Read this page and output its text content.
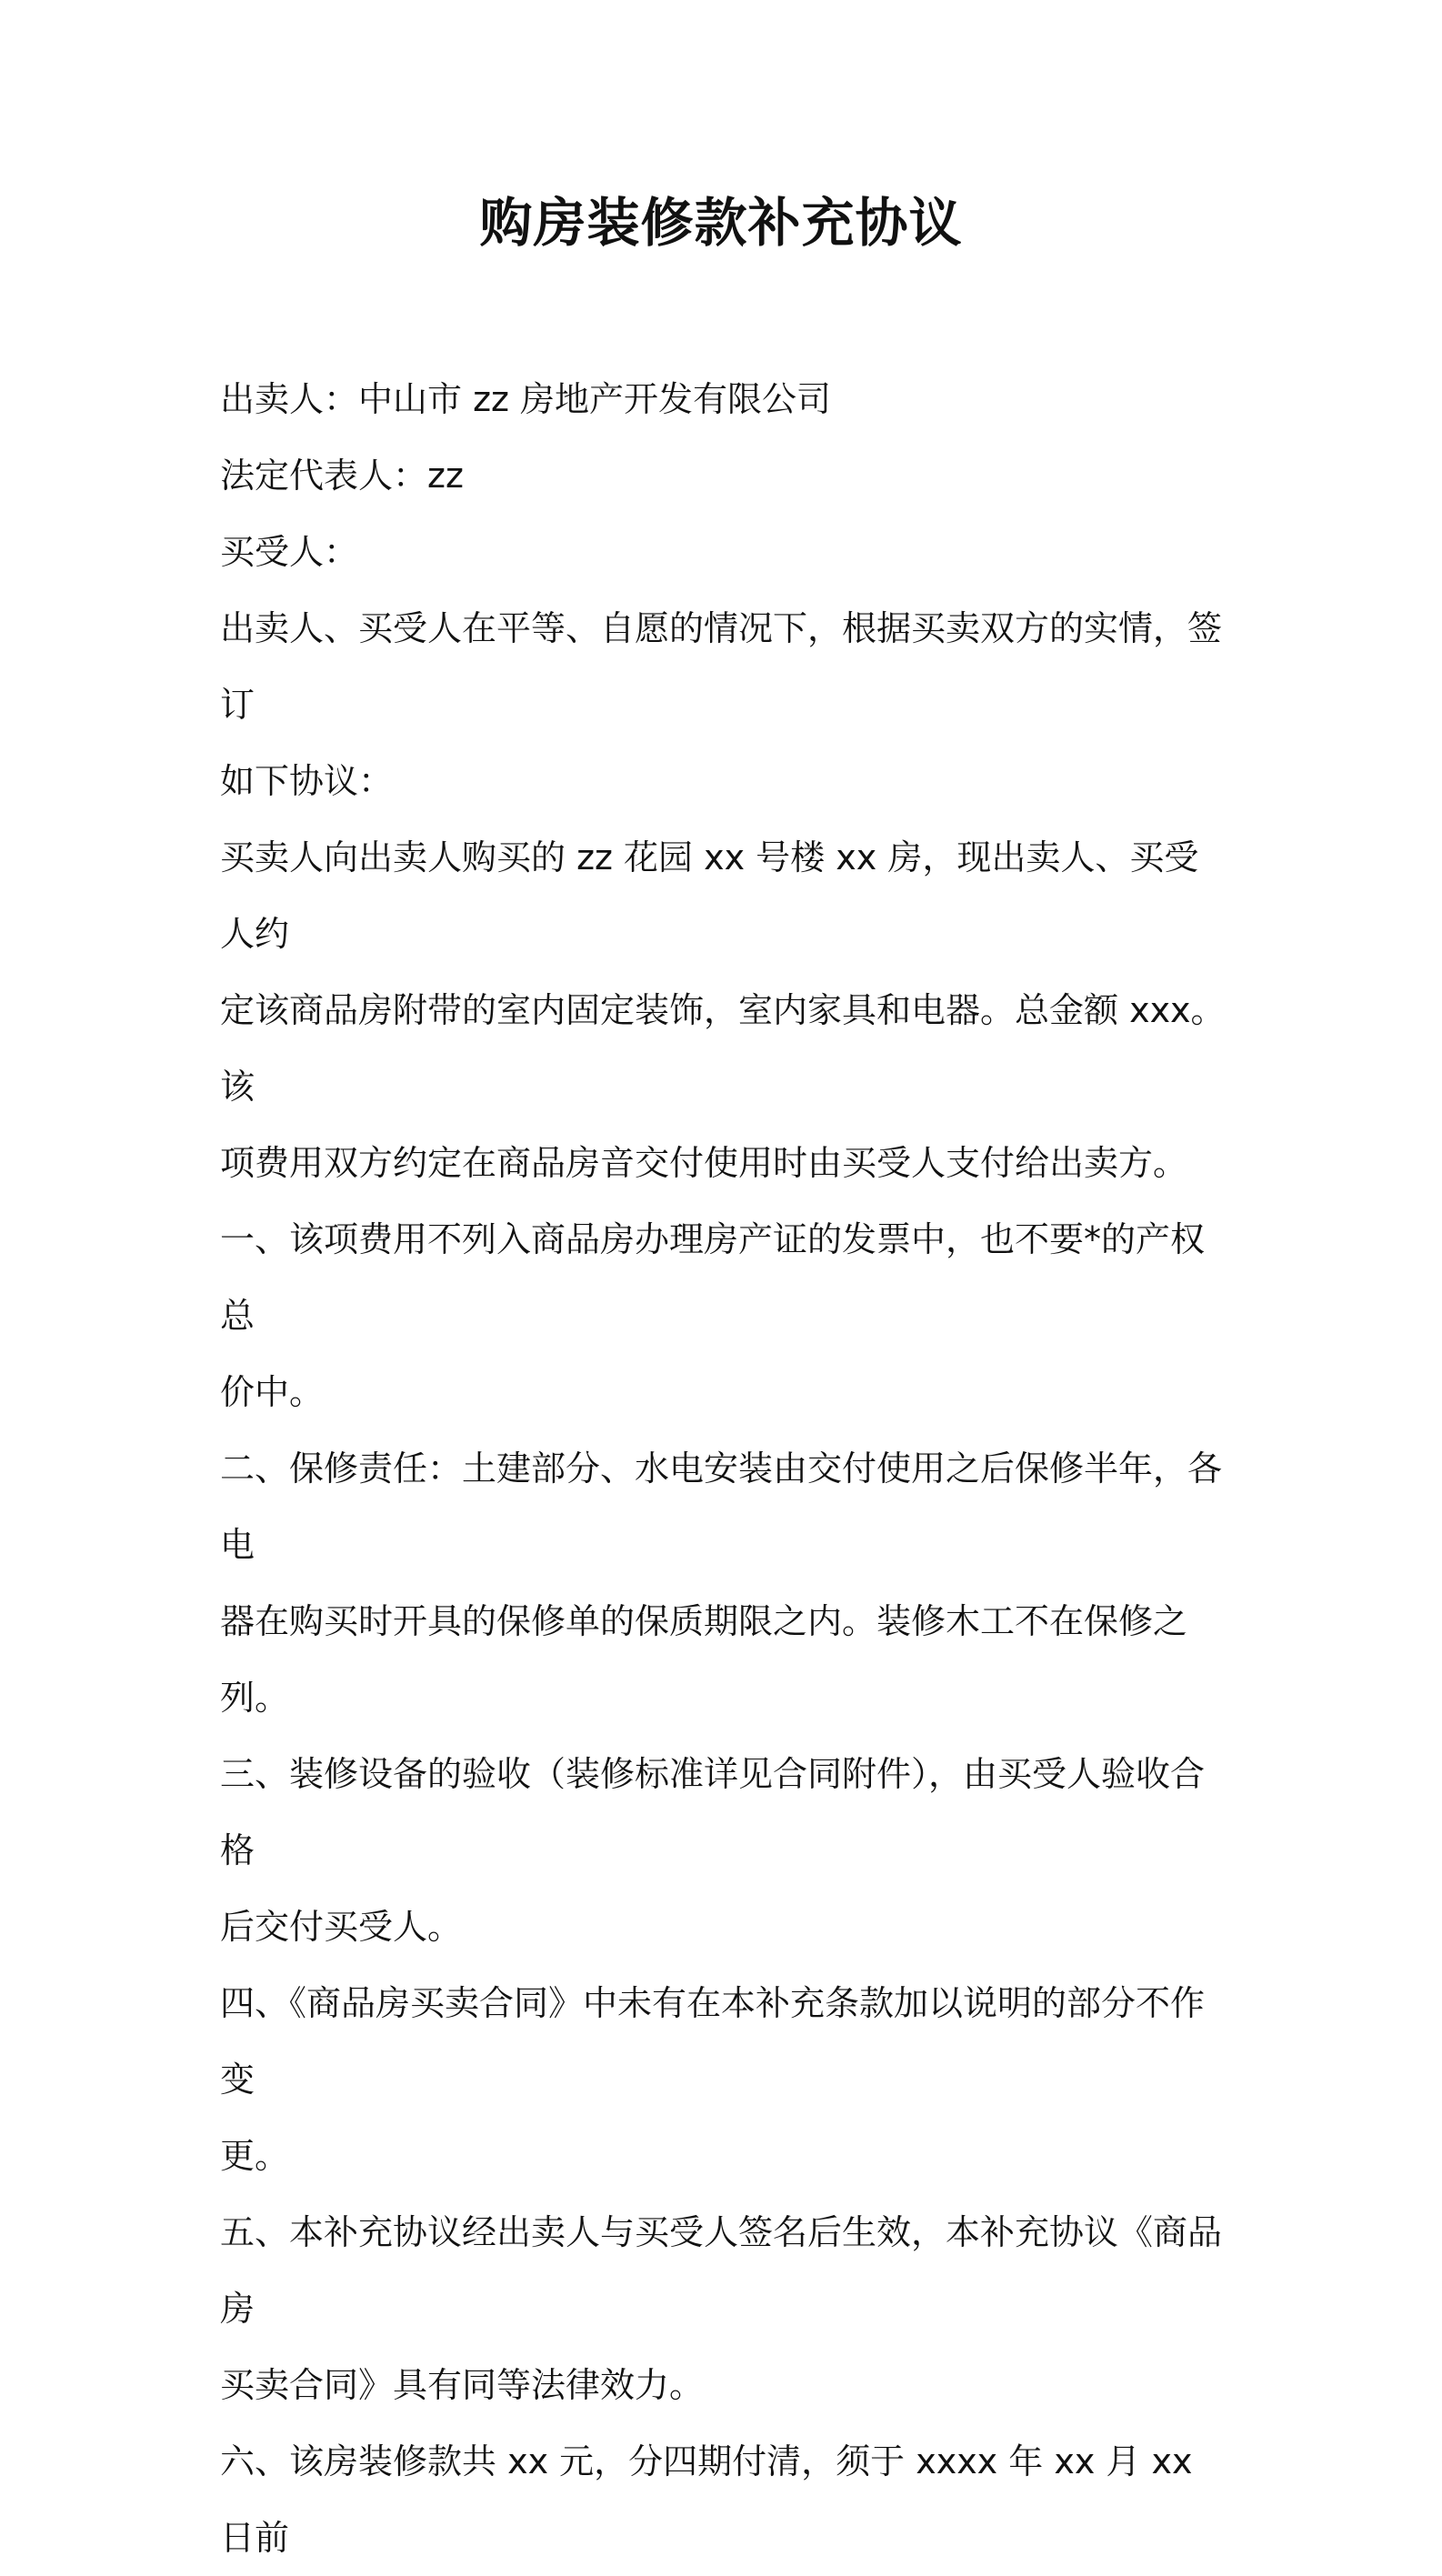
购房装修款补充协议

出卖人：中山市 zz 房地产开发有限公司

法定代表人：zz

买受人：

出卖人、买受人在平等、自愿的情况下，根据买卖双方的实情，签订

如下协议：

买卖人向出卖人购买的 zz 花园 xx 号楼 xx 房，现出卖人、买受人约

定该商品房附带的室内固定装饰，室内家具和电器。总金额 xxx。该

项费用双方约定在商品房音交付使用时由买受人支付给出卖方。

一、该项费用不列入商品房办理房产证的发票中，也不要*的产权总

价中。

二、保修责任：土建部分、水电安装由交付使用之后保修半年，各电

器在购买时开具的保修单的保质期限之内。装修木工不在保修之列。

三、装修设备的验收（装修标准详见合同附件），由买受人验收合格

后交付买受人。

四、《商品房买卖合同》中未有在本补充条款加以说明的部分不作变

更。

五、本补充协议经出卖人与买受人签名后生效，本补充协议《商品房

买卖合同》具有同等法律效力。

六、该房装修款共 xx 元，分四期付清，须于 xxxx 年 xx 月 xx 日前
